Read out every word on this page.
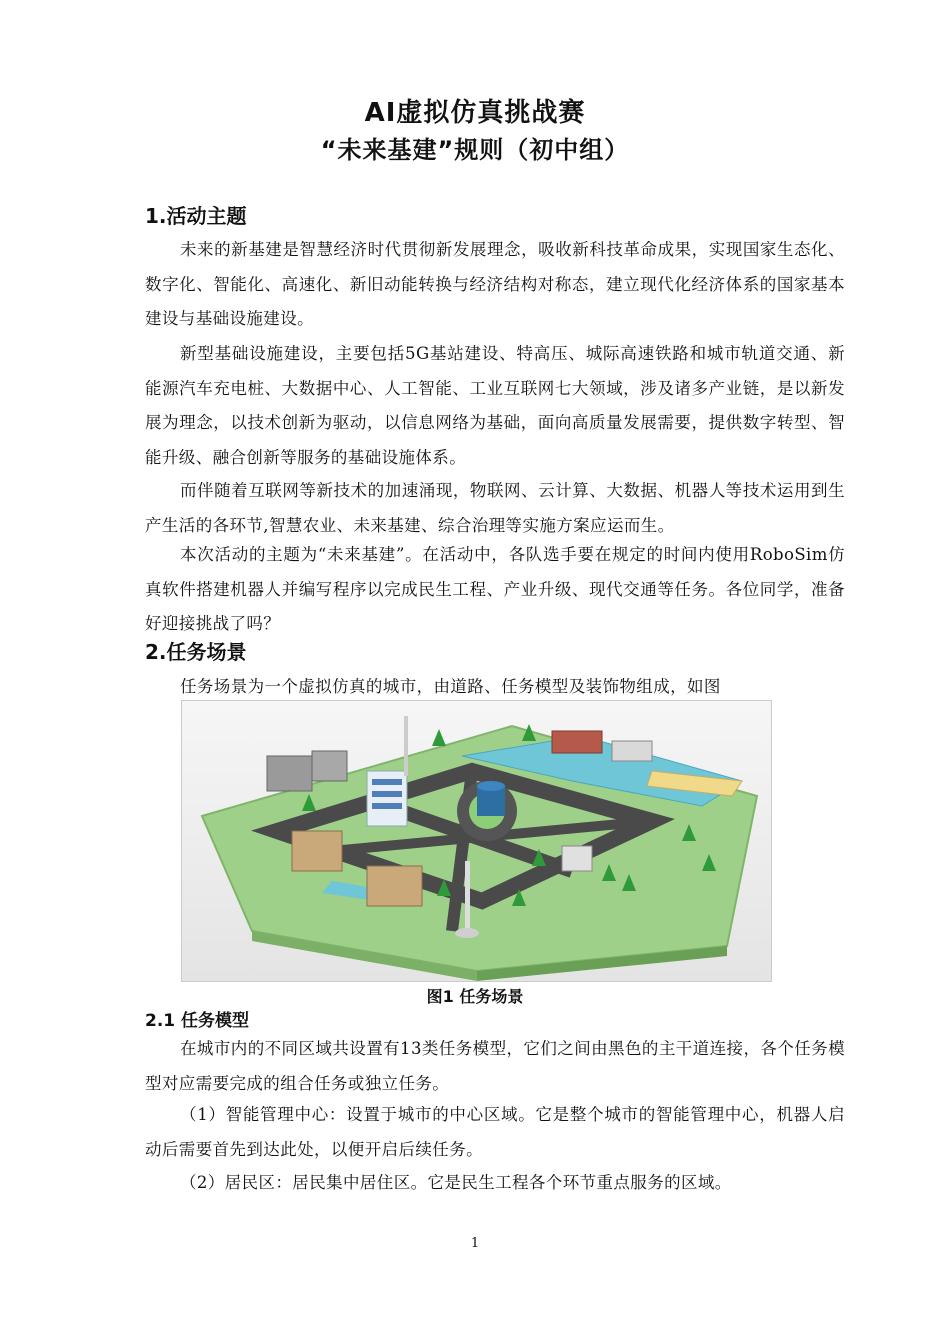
AI虚拟仿真挑战赛
“未来基建”规则（初中组）
1.活动主题
未来的新基建是智慧经济时代贯彻新发展理念，吸收新科技革命成果，实现国家生态化、数字化、智能化、高速化、新旧动能转换与经济结构对称态，建立现代化经济体系的国家基本建设与基础设施建设。
新型基础设施建设，主要包括5G基站建设、特高压、城际高速铁路和城市轨道交通、新能源汽车充电桩、大数据中心、人工智能、工业互联网七大领域，涉及诸多产业链，是以新发展为理念，以技术创新为驱动，以信息网络为基础，面向高质量发展需要，提供数字转型、智能升级、融合创新等服务的基础设施体系。
而伴随着互联网等新技术的加速涌现，物联网、云计算、大数据、机器人等技术运用到生产生活的各环节,智慧农业、未来基建、综合治理等实施方案应运而生。
本次活动的主题为“未来基建”。在活动中，各队选手要在规定的时间内使用RoboSim仿真软件搭建机器人并编写程序以完成民生工程、产业升级、现代交通等任务。各位同学，准备好迎接挑战了吗？
2.任务场景
任务场景为一个虚拟仿真的城市，由道路、任务模型及装饰物组成，如图
图1 任务场景
2.1 任务模型
在城市内的不同区域共设置有13类任务模型，它们之间由黑色的主干道连接，各个任务模型对应需要完成的组合任务或独立任务。
（1）智能管理中心：设置于城市的中心区域。它是整个城市的智能管理中心，机器人启动后需要首先到达此处，以便开启后续任务。
（2）居民区：居民集中居住区。它是民生工程各个环节重点服务的区域。
1
